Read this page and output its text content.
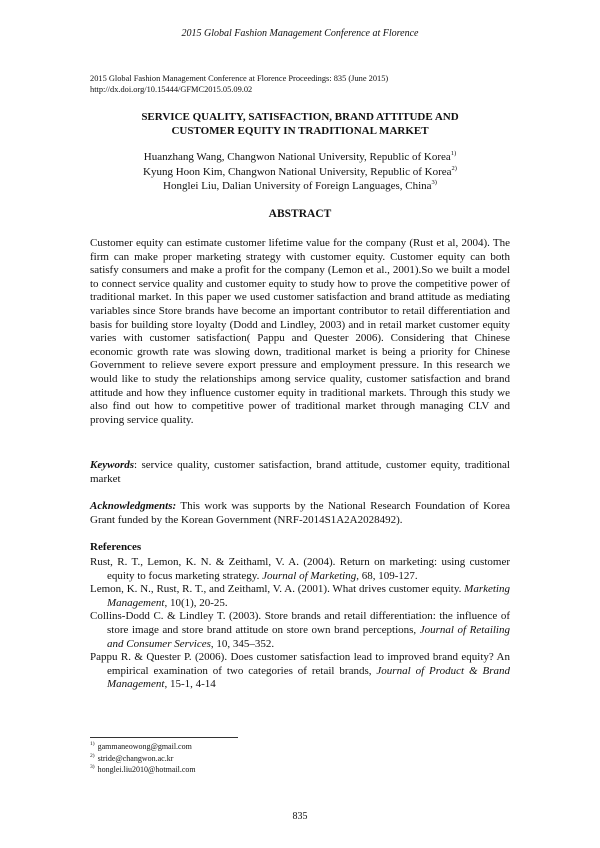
2015 Global Fashion Management Conference at Florence
2015 Global Fashion Management Conference at Florence Proceedings: 835 (June 2015)
http://dx.doi.org/10.15444/GFMC2015.05.09.02
SERVICE QUALITY, SATISFACTION, BRAND ATTITUDE AND
CUSTOMER EQUITY IN TRADITIONAL MARKET
Huanzhang Wang, Changwon National University, Republic of Korea$^{1)}$
Kyung Hoon Kim, Changwon National University, Republic of Korea$^{2)}$
Honglei Liu, Dalian University of Foreign Languages, China$^{3)}$
ABSTRACT
Customer equity can estimate customer lifetime value for the company (Rust et al, 2004). The firm can make proper marketing strategy with customer equity. Customer equity can both satisfy consumers and make a profit for the company (Lemon et al., 2001).So we built a model to connect service quality and customer equity to study how to prove the competitive power of traditional market. In this paper we used customer satisfaction and brand attitude as mediating variables since Store brands have become an important contributor to retail differentiation and basis for building store loyalty (Dodd and Lindley, 2003) and in retail market customer equity varies with customer satisfaction( Pappu and Quester 2006). Considering that Chinese economic growth rate was slowing down, traditional market is being a priority for Chinese Government to relieve severe export pressure and employment pressure. In this research we would like to study the relationships among service quality, customer satisfaction and brand attitude and how they influence customer equity in traditional markets. Through this study we also find out how to competitive power of traditional market through managing CLV and proving service quality.
Keywords: service quality, customer satisfaction, brand attitude, customer equity, traditional market
Acknowledgments: This work was supports by the National Research Foundation of Korea Grant funded by the Korean Government (NRF-2014S1A2A2028492).
References
Rust, R. T., Lemon, K. N. & Zeithaml, V. A. (2004). Return on marketing: using customer equity to focus marketing strategy. Journal of Marketing, 68, 109-127.
Lemon, K. N., Rust, R. T., and Zeithaml, V. A. (2001). What drives customer equity. Marketing Management, 10(1), 20-25.
Collins-Dodd C. & Lindley T. (2003). Store brands and retail differentiation: the influence of store image and store brand attitude on store own brand perceptions, Journal of Retailing and Consumer Services, 10, 345–352.
Pappu R. & Quester P. (2006). Does customer satisfaction lead to improved brand equity? An empirical examination of two categories of retail brands, Journal of Product & Brand Management, 15-1, 4-14
$^{1)}$ gammaneowong@gmail.com
$^{2)}$ stride@changwon.ac.kr
$^{3)}$ honglei.liu2010@hotmail.com
835
